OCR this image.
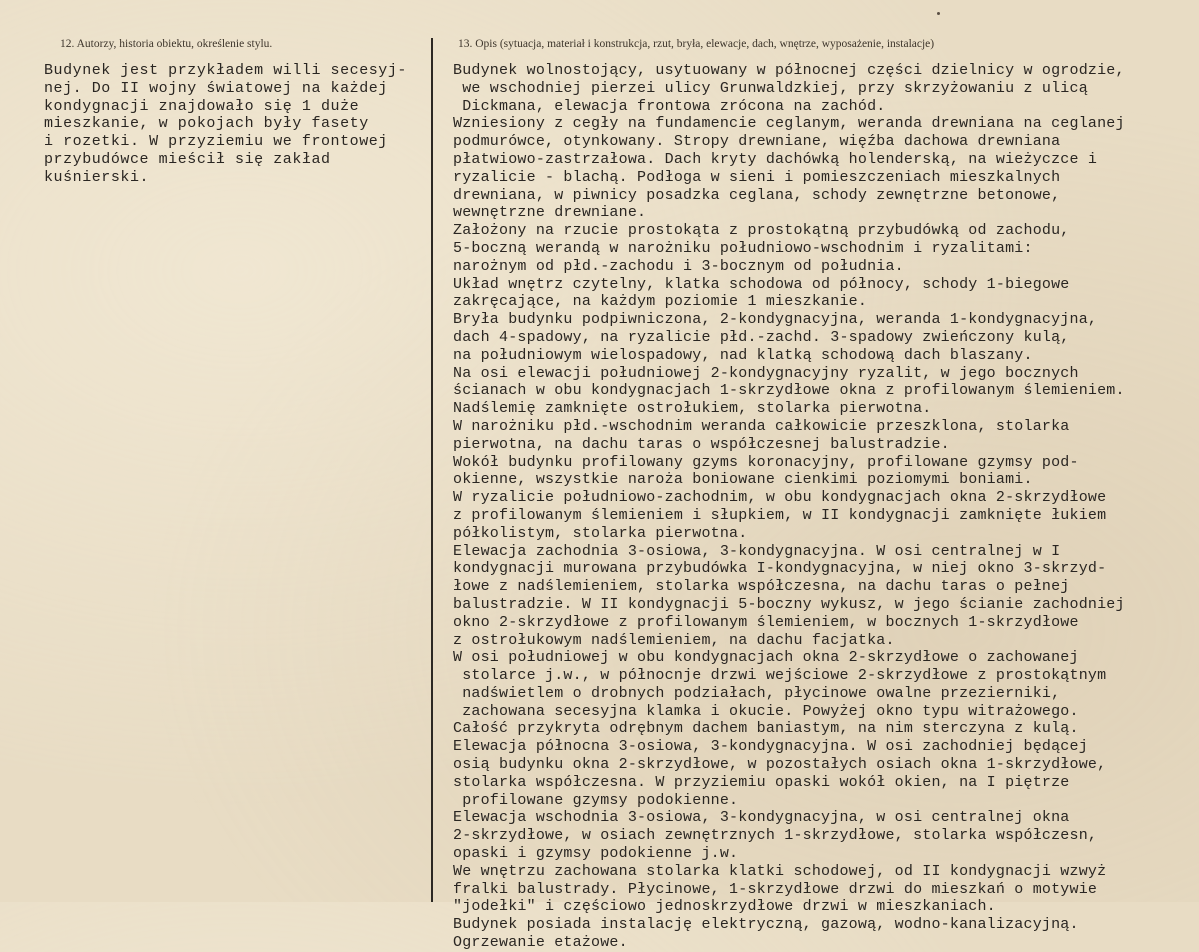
12. Autorzy, historia obiektu, określenie stylu.	13. Opis (sytuacja, materiał i konstrukcja, rzut, bryła, elewacje, dach, wnętrze, wyposażenie, instalacje)

Budynek jest przykładem willi secesyj-
nej. Do II wojny światowej na każdej
kondygnacji znajdowało się 1 duże
mieszkanie, w pokojach były fasety
i rozetki. W przyziemiu we frontowej
przybudówce mieścił się zakład
kuśnierski.
Budynek wolnostojący, usytuowany w północnej części dzielnicy w ogrodzie,
we wschodniej pierzei ulicy Grunwaldzkiej, przy skrzyżowaniu z ulicą
Dickmana, elewacja frontowa zrócona na zachód.
Wzniesiony z cegły na fundamencie ceglanym, weranda drewniana na ceglanej
podmurówce, otynkowany. Stropy drewniane, więźba dachowa drewniana
płatwiowo-zastrzałowa. Dach kryty dachówką holenderską, na wieżyczce i
ryzalicie - blachą. Podłoga w sieni i pomieszczeniach mieszkalnych
drewniana, w piwnicy posadzka ceglana, schody zewnętrzne betonowe,
wewnętrzne drewniane.
Założony na rzucie prostokąta z prostokątną przybudówką od zachodu,
5-boczną werandą w narożniku południowo-wschodnim i ryzalitami:
narożnym od płd.-zachodu i 3-bocznym od południa.
Układ wnętrz czytelny, klatka schodowa od północy, schody 1-biegowe
zakręcające, na każdym poziomie 1 mieszkanie.
Bryła budynku podpiwniczona, 2-kondygnacyjna, weranda 1-kondygnacyjna,
dach 4-spadowy, na ryzalicie płd.-zachd. 3-spadowy zwieńczony kulą,
na południowym wielospadowy, nad klatką schodową dach blaszany.
Na osi elewacji południowej 2-kondygnacyjny ryzalit, w jego bocznych
ścianach w obu kondygnacjach 1-skrzydłowe okna z profilowanym ślemieniem.
Nadślemię zamknięte ostrołukiem, stolarka pierwotna.
W narożniku płd.-wschodnim weranda całkowicie przeszklona, stolarka
pierwotna, na dachu taras o współczesnej balustradzie.
Wokół budynku profilowany gzyms koronacyjny, profilowane gzymsy pod-
okienne, wszystkie naroża boniowane cienkimi poziomymi boniami.
W ryzalicie południowo-zachodnim, w obu kondygnacjach okna 2-skrzydłowe
z profilowanym ślemieniem i słupkiem, w II kondygnacji zamknięte łukiem
półkolistym, stolarka pierwotna.
Elewacja zachodnia 3-osiowa, 3-kondygnacyjna. W osi centralnej w I
kondygnacji murowana przybudówka I-kondygnacyjna, w niej okno 3-skrzyd-
łowe z nadślemieniem, stolarka współczesna, na dachu taras o pełnej
balustradzie. W II kondygnacji 5-boczny wykusz, w jego ścianie zachodniej
okno 2-skrzydłowe z profilowanym ślemieniem, w bocznych 1-skrzydłowe
z ostrołukowym nadślemieniem, na dachu facjatka.
W osi południowej w obu kondygnacjach okna 2-skrzydłowe o zachowanej
stolarce j.w., w północnje drzwi wejściowe 2-skrzydłowe z prostokątnym
nadświetlem o drobnych podziałach, płycinowe owalne przezierniki,
zachowana secesyjna klamka i okucie. Powyżej okno typu witrażowego.
Całość przykryta odrębnym dachem baniastym, na nim sterczyna z kulą.
Elewacja północna 3-osiowa, 3-kondygnacyjna. W osi zachodniej będącej
osią budynku okna 2-skrzydłowe, w pozostałych osiach okna 1-skrzydłowe,
stolarka współczesna. W przyziemiu opaski wokół okien, na I piętrze
profilowane gzymsy podokienne.
Elewacja wschodnia 3-osiowa, 3-kondygnacyjna, w osi centralnej okna
2-skrzydłowe, w osiach zewnętrznych 1-skrzydłowe, stolarka współczesn,
opaski i gzymsy podokienne j.w.
We wnętrzu zachowana stolarka klatki schodowej, od II kondygnacji wzwyż
fralki balustrady. Płycinowe, 1-skrzydłowe drzwi do mieszkań o motywie
"jodełki" i częściowo jednoskrzydłowe drzwi w mieszkaniach.
Budynek posiada instalację elektryczną, gazową, wodno-kanalizacyjną.
Ogrzewanie etażowe.
